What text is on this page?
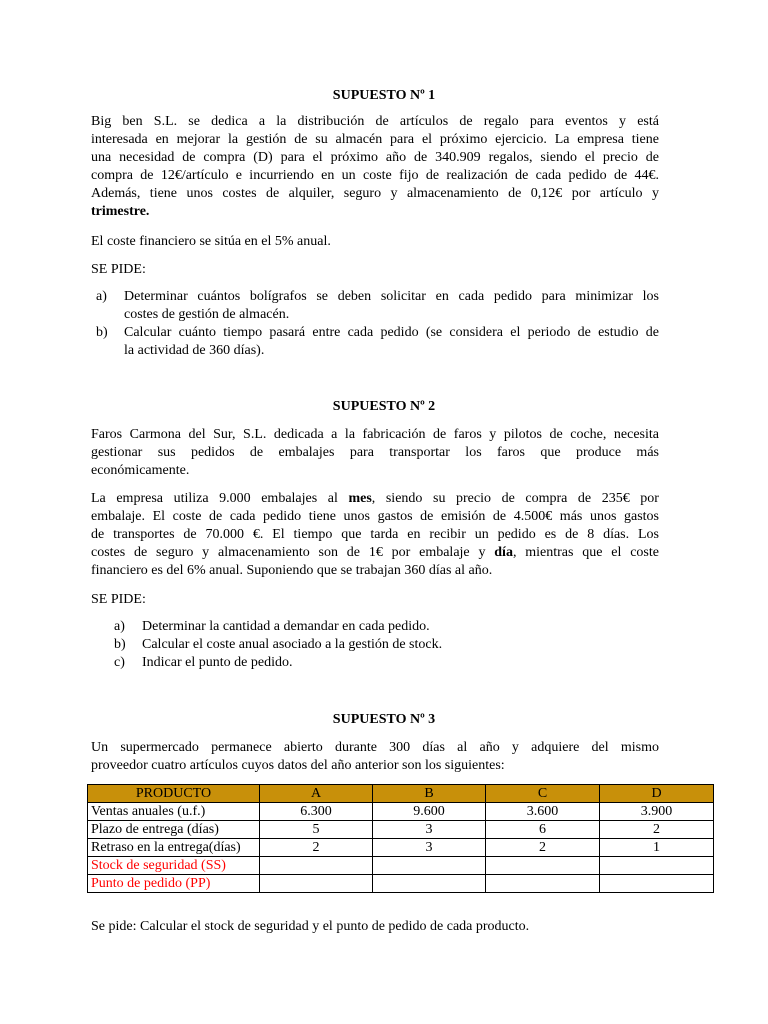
SUPUESTO Nº 1

Big ben S.L. se dedica a la distribución de artículos de regalo para eventos y está
interesada en mejorar la gestión de su almacén para el próximo ejercicio. La empresa tiene
una necesidad de compra (D) para el próximo año de 340.909 regalos, siendo el precio de
compra de 12€/artículo e incurriendo en un coste fijo de realización de cada pedido de 44€.
Además, tiene unos costes de alquiler, seguro y almacenamiento de 0,12€ por artículo y
trimestre.

El coste financiero se sitúa en el 5% anual.

SE PIDE:

a) Determinar cuántos bolígrafos se deben solicitar en cada pedido para minimizar los
costes de gestión de almacén.
b) Calcular cuánto tiempo pasará entre cada pedido (se considera el periodo de estudio de
la actividad de 360 días).
SUPUESTO Nº 2

Faros Carmona del Sur, S.L. dedicada a la fabricación de faros y pilotos de coche, necesita
gestionar sus pedidos de embalajes para transportar los faros que produce más
económicamente.

La empresa utiliza 9.000 embalajes al mes, siendo su precio de compra de 235€ por
embalaje. El coste de cada pedido tiene unos gastos de emisión de 4.500€ más unos gastos
de transportes de 70.000 €. El tiempo que tarda en recibir un pedido es de 8 días. Los
costes de seguro y almacenamiento son de 1€ por embalaje y día, mientras que el coste
financiero es del 6% anual. Suponiendo que se trabajan 360 días al año.

SE PIDE:

a) Determinar la cantidad a demandar en cada pedido.
b) Calcular el coste anual asociado a la gestión de stock.
c) Indicar el punto de pedido.
SUPUESTO Nº 3

Un supermercado permanece abierto durante 300 días al año y adquiere del mismo
proveedor cuatro artículos cuyos datos del año anterior son los siguientes:

PRODUCTO	A	B	C	D
Ventas anuales (u.f.)	6.300	9.600	3.600	3.900
Plazo de entrega (días)	5	3	6	2
Retraso en la entrega(días)	2	3	2	1
Stock de seguridad (SS)				
Punto de pedido (PP)				

Se pide: Calcular el stock de seguridad y el punto de pedido de cada producto.
